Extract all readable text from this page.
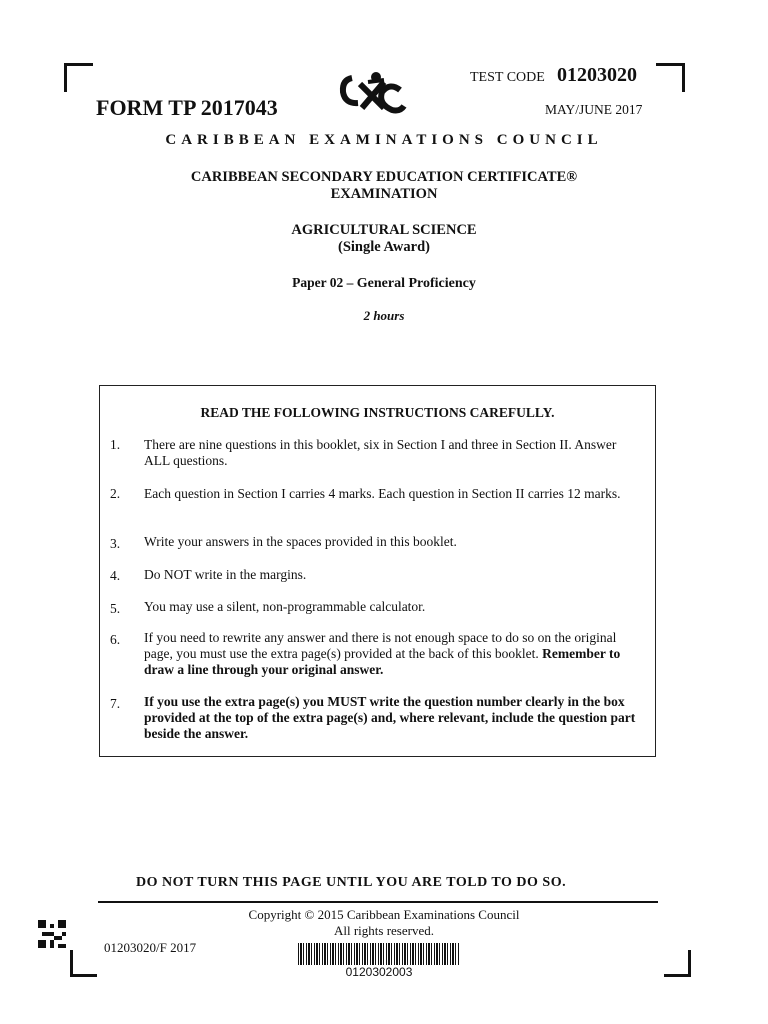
FORM TP 2017043
TEST CODE 01203020
MAY/JUNE 2017
CARIBBEAN EXAMINATIONS COUNCIL
CARIBBEAN SECONDARY EDUCATION CERTIFICATE®
EXAMINATION
AGRICULTURAL SCIENCE
(Single Award)
Paper 02 – General Proficiency
2 hours
READ THE FOLLOWING INSTRUCTIONS CAREFULLY.
1.	There are nine questions in this booklet, six in Section I and three in Section II. Answer ALL questions.
2.	Each question in Section I carries 4 marks. Each question in Section II carries 12 marks.
3.	Write your answers in the spaces provided in this booklet.
4.	Do NOT write in the margins.
5.	You may use a silent, non-programmable calculator.
6.	If you need to rewrite any answer and there is not enough space to do so on the original page, you must use the extra page(s) provided at the back of this booklet. Remember to draw a line through your original answer.
7.	If you use the extra page(s) you MUST write the question number clearly in the box provided at the top of the extra page(s) and, where relevant, include the question part beside the answer.
DO NOT TURN THIS PAGE UNTIL YOU ARE TOLD TO DO SO.
Copyright © 2015 Caribbean Examinations Council
All rights reserved.
01203020/F 2017
0120302003
